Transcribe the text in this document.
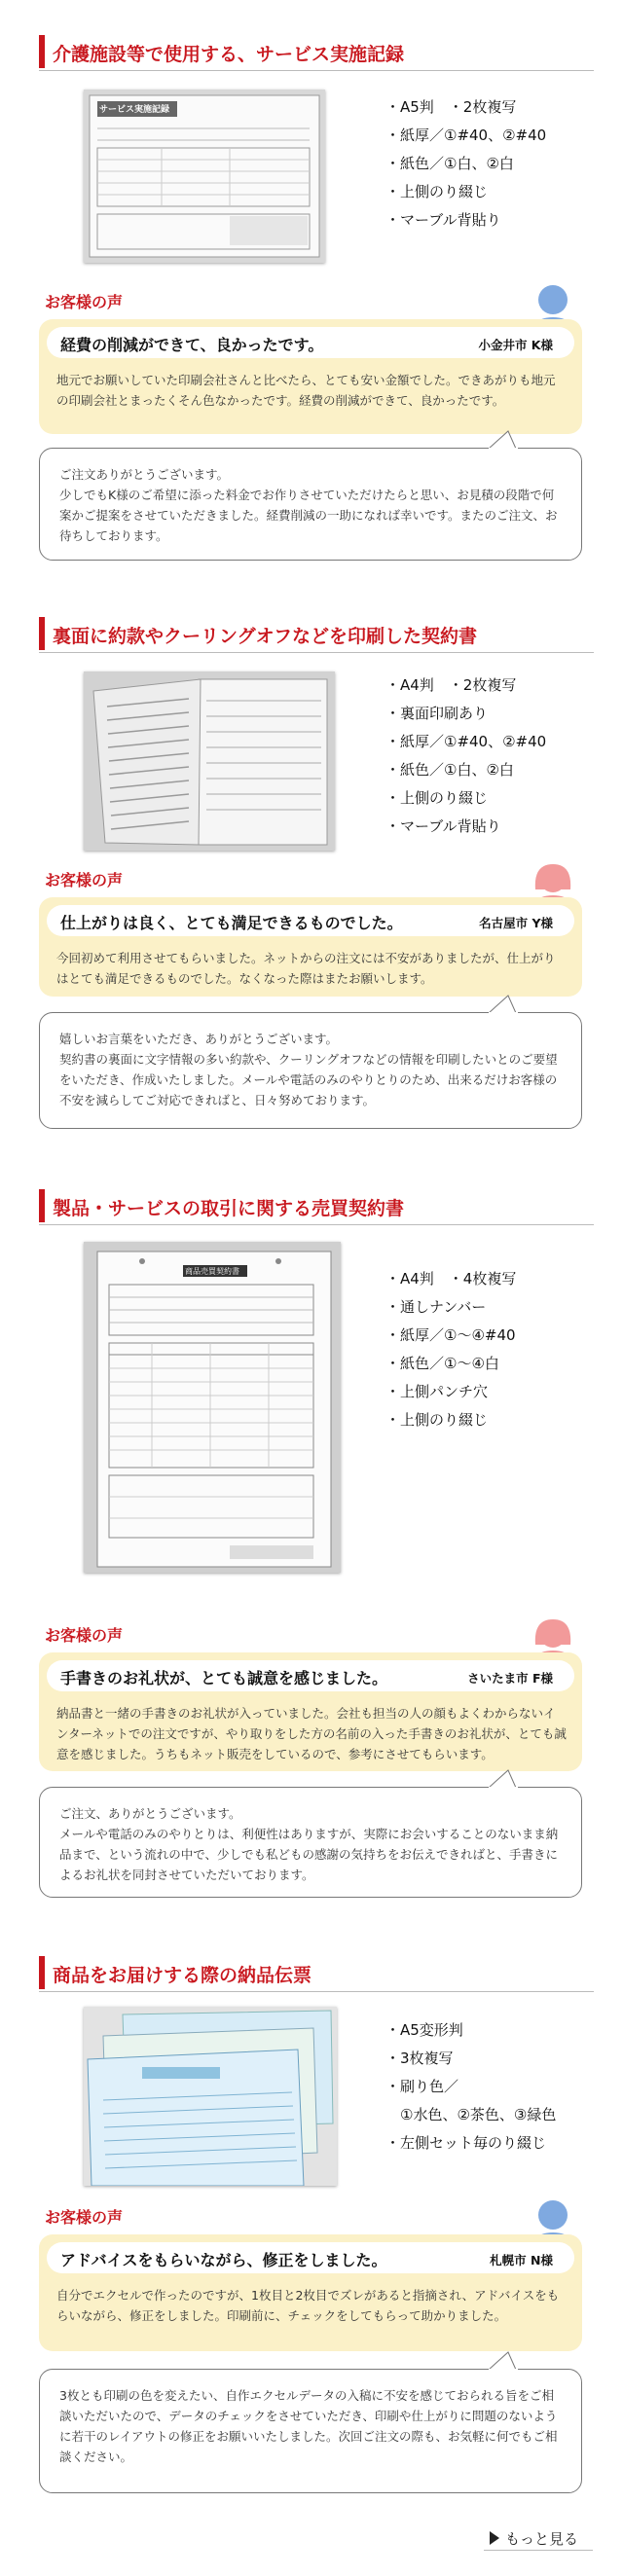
介護施設等で使用する、サービス実施記録
サービス実施記録	・A5判　・2枚複写
・紙厚／①#40、②#40
・紙色／①白、②白
・上側のり綴じ
・マーブル背貼り
お客様の声
経費の削減ができて、良かったです。	小金井市 K様
地元でお願いしていた印刷会社さんと比べたら、とても安い金額でした。できあがりも地元の印刷会社とまったくそん色なかったです。経費の削減ができて、良かったです。
ご注文ありがとうございます。
少しでもK様のご希望に添った料金でお作りさせていただけたらと思い、お見積の段階で何案かご提案をさせていただきました。経費削減の一助になれば幸いです。またのご注文、お待ちしております。
裏面に約款やクーリングオフなどを印刷した契約書
・A4判　・2枚複写
・裏面印刷あり
・紙厚／①#40、②#40
・紙色／①白、②白
・上側のり綴じ
・マーブル背貼り
お客様の声
仕上がりは良く、とても満足できるものでした。	名古屋市 Y様
今回初めて利用させてもらいました。ネットからの注文には不安がありましたが、仕上がりはとても満足できるものでした。なくなった際はまたお願いします。
嬉しいお言葉をいただき、ありがとうございます。
契約書の裏面に文字情報の多い約款や、クーリングオフなどの情報を印刷したいとのご要望をいただき、作成いたしました。メールや電話のみのやりとりのため、出来るだけお客様の不安を減らしてご対応できればと、日々努めております。
製品・サービスの取引に関する売買契約書
商品売買契約書	・A4判　・4枚複写
・通しナンバー
・紙厚／①～④#40
・紙色／①～④白
・上側パンチ穴
・上側のり綴じ
お客様の声
手書きのお礼状が、とても誠意を感じました。	さいたま市 F様
納品書と一緒の手書きのお礼状が入っていました。会社も担当の人の顔もよくわからないインターネットでの注文ですが、やり取りをした方の名前の入った手書きのお礼状が、とても誠意を感じました。うちもネット販売をしているので、参考にさせてもらいます。
ご注文、ありがとうございます。
メールや電話のみのやりとりは、利便性はありますが、実際にお会いすることのないまま納品まで、という流れの中で、少しでも私どもの感謝の気持ちをお伝えできればと、手書きによるお礼状を同封させていただいております。
商品をお届けする際の納品伝票
・A5変形判
・3枚複写
・刷り色／
　①水色、②茶色、③緑色
・左側セット毎のり綴じ
お客様の声
アドバイスをもらいながら、修正をしました。	札幌市 N様
自分でエクセルで作ったのですが、1枚目と2枚目でズレがあると指摘され、アドバイスをもらいながら、修正をしました。印刷前に、チェックをしてもらって助かりました。
3枚とも印刷の色を変えたい、自作エクセルデータの入稿に不安を感じておられる旨をご相談いただいたので、データのチェックをさせていただき、印刷や仕上がりに問題のないように若干のレイアウトの修正をお願いいたしました。次回ご注文の際も、お気軽に何でもご相談ください。
もっと見る
